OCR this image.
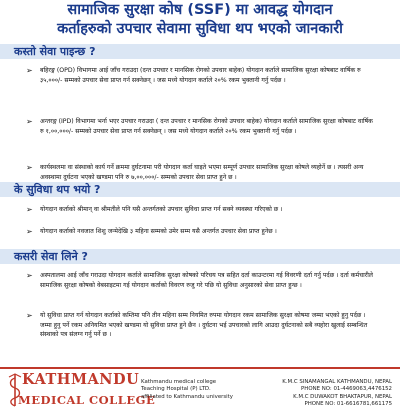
सामाजिक सुरक्षा कोष (SSF) मा आवद्ध योगदान
कर्ताहरुको उपचार सेवामा सुविधा थप भएको जानकारी
कस्तो सेवा पाइन्छ ?
➢	बहिरङ्ग (OPD) विभागमा आई जाँच गराउदा (दन्त उपचार र मानसिक रोगको उपचार बाहेक) योगदान कर्ताले सामाजिक सुरक्षा कोषबाट वार्षिक रु ३५,०००/- सम्मको उपचार सेवा प्राप्त गर्न सक्नेछन् । जस मध्ये योगदान कर्ताले २०% रकम भुक्तानी गर्नु पर्दछ ।

➢	अन्तरङ्ग (IPD) विभागमा भर्ना भएर उपचार गराउदा ( दन्त उपचार र मानसिक रोगको उपचार बाहेक) योगदान कर्ताले सामाजिक सुरक्षा कोषबाट वार्षिक रु १,००,०००/- सम्मको उपचार सेवा प्राप्त गर्न सक्नेछन् । जस मध्ये योगदान कर्ताले २०% रकम भुक्तानी गर्नु पर्दछ ।

➢	कार्यस्थलमा वा संस्थाको कार्य गर्ने क्रममा दुर्घटनामा परी योगदान कर्ता घाइते भएमा सम्पूर्ण उपचार सामाजिक सुरक्षा कोषले व्यहोर्ने छ । त्यसरी अन्य अवस्थामा दुर्घटना भएको खण्डमा पनि रु ७,००,०००/- सम्मको उपचार सेवा प्राप्त हुने छ ।

के सुविधा थप भयो ?
➢	योगदान कर्ताको श्रीमान् वा श्रीमतीले पनि यसै अन्तर्गतको उपचार सुविधा प्राप्त गर्न सक्ने व्यवस्था गरिएको छ ।

➢	योगदान कर्ताको नवजात शिशु जन्मेदेखि ३ महिना सम्मको उमेर सम्म यसै अन्तर्गत उपचार सेवा प्राप्त हुनेछ ।

कसरी सेवा लिने ?
➢	अस्पतालमा आई जाँच गराउदा योगदान कर्ताले सामाजिक सुरक्षा कोषको परिचय पत्र सहित दर्ता काउन्टरमा गई विवरणी दर्ता गर्नु पर्दछ । दर्ता कर्मचारीले सामाजिक सुरक्षा कोषको वेबसाइटमा गई योगदान कर्ताको विवरण रुजु गरे पछि यो सुविधा अनुसारको सेवा प्राप्त हुन्छ ।

➢	यो सुविधा प्राप्त गर्न योगदान कर्ताको कम्तिमा पनि तीन महिना सम्म नियमित रुपमा योगदान रकम सामाजिक सुरक्षा कोषमा जम्मा भएको हुनु पर्दछ । जम्मा हुनु पर्ने रकम अनियमित भएको खण्डमा यो सुविधा प्राप्त हुने छैन । दुर्घटना भई उपचारको लागि आउदा दुर्घटनाको सबै व्यहोरा खुलाई सम्बन्धित संस्थाको पत्र संलग्न गर्नु पर्ने छ ।

KATHMANDU
MEDICAL COLLEGE
Kathmandu medical college
Teaching Hospital (P) LTD.
affiliated to Kathmandu university
K.M.C SINAMANGAL KATHMANDU, NEPAL
PHONE NO: 01-4469063,4476152
K.M.C DUWAKOT BHAKTAPUR, NEPAL
PHONE NO: 01-6616781,661175
